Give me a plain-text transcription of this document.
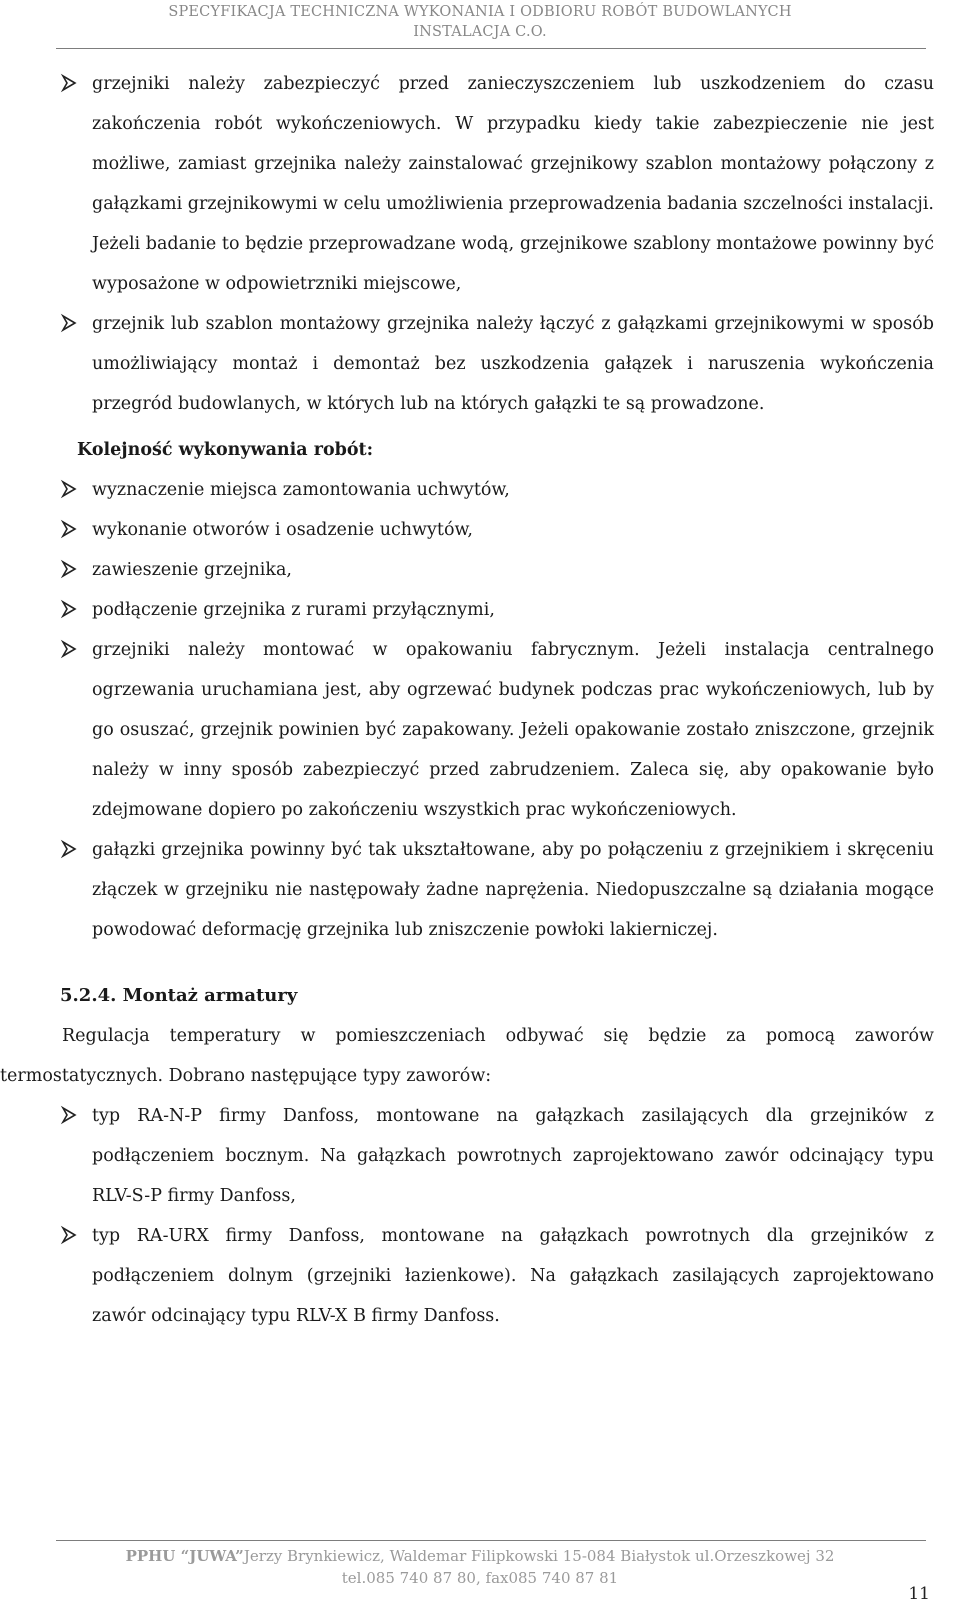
SPECYFIKACJA TECHNICZNA WYKONANIA I ODBIORU ROBÓT BUDOWLANYCH
INSTALACJA C.O.
grzejniki należy zabezpieczyć przed zanieczyszczeniem lub uszkodzeniem do czasu zakończenia robót wykończeniowych. W przypadku kiedy takie zabezpieczenie nie jest możliwe, zamiast grzejnika należy zainstalować grzejnikowy szablon montażowy połączony z gałązkami grzejnikowymi w celu umożliwienia przeprowadzenia badania szczelności instalacji. Jeżeli badanie to będzie przeprowadzane wodą, grzejnikowe szablony montażowe powinny być wyposażone w odpowietrzniki miejscowe,
grzejnik lub szablon montażowy grzejnika należy łączyć z gałązkami grzejnikowymi w sposób umożliwiający montaż i demontaż bez uszkodzenia gałązek i naruszenia wykończenia przegród budowlanych, w których lub na których gałązki te są prowadzone.
Kolejność wykonywania robót:
wyznaczenie miejsca zamontowania uchwytów,
wykonanie otworów i osadzenie uchwytów,
zawieszenie grzejnika,
podłączenie grzejnika z rurami przyłącznymi,
grzejniki należy montować w opakowaniu fabrycznym. Jeżeli instalacja centralnego ogrzewania uruchamiana jest, aby ogrzewać budynek podczas prac wykończeniowych, lub by go osuszać, grzejnik powinien być zapakowany. Jeżeli opakowanie zostało zniszczone, grzejnik należy w inny sposób zabezpieczyć przed zabrudzeniem. Zaleca się, aby opakowanie było zdejmowane dopiero po zakończeniu wszystkich prac wykończeniowych.
gałązki grzejnika powinny być tak ukształtowane, aby po połączeniu z grzejnikiem i skręceniu złączek w grzejniku nie następowały żadne naprężenia. Niedopuszczalne są działania mogące powodować deformację grzejnika lub zniszczenie powłoki lakierniczej.
5.2.4. Montaż armatury
Regulacja temperatury w pomieszczeniach odbywać się będzie za pomocą zaworów termostatycznych. Dobrano następujące typy zaworów:
typ RA-N-P firmy Danfoss, montowane na gałązkach zasilających dla grzejników z podłączeniem bocznym. Na gałązkach powrotnych zaprojektowano zawór odcinający typu RLV-S-P firmy Danfoss,
typ RA-URX firmy Danfoss, montowane na gałązkach powrotnych dla grzejników z podłączeniem dolnym (grzejniki łazienkowe). Na gałązkach zasilających zaprojektowano zawór odcinający typu RLV-X B firmy Danfoss.
PPHU “JUWA”Jerzy Brynkiewicz, Waldemar Filipkowski 15-084 Białystok ul.Orzeszkowej 32
tel.085 740 87 80, fax085 740 87 81
11
